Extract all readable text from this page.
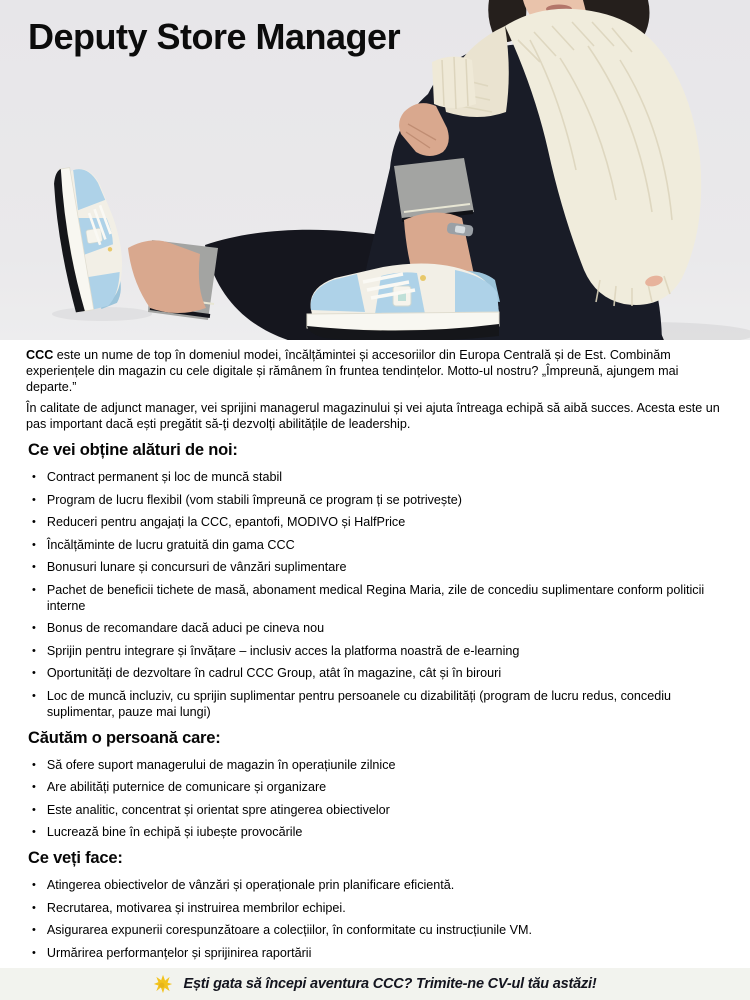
Deputy Store Manager

CCC este un nume de top în domeniul modei, încălțămintei și accesoriilor din Europa Centrală și de Est. Combinăm experiențele din magazin cu cele digitale și rămânem în fruntea tendințelor. Motto-ul nostru? „Împreună, ajungem mai departe.”

În calitate de adjunct manager, vei sprijini managerul magazinului și vei ajuta întreaga echipă să aibă succes. Acesta este un pas important dacă ești pregătit să-ți dezvolți abilitățile de leadership.

Ce vei obține alături de noi:
• Contract permanent și loc de muncă stabil
• Program de lucru flexibil (vom stabili împreună ce program ți se potrivește)
• Reduceri pentru angajați la CCC, epantofi, MODIVO și HalfPrice
• Încălțăminte de lucru gratuită din gama CCC
• Bonusuri lunare și concursuri de vânzări suplimentare
• Pachet de beneficii tichete de masă, abonament medical Regina Maria, zile de concediu suplimentare conform politicii interne
• Bonus de recomandare dacă aduci pe cineva nou
• Sprijin pentru integrare și învățare – inclusiv acces la platforma noastră de e-learning
• Oportunități de dezvoltare în cadrul CCC Group, atât în magazine, cât și în birouri
• Loc de muncă incluziv, cu sprijin suplimentar pentru persoanele cu dizabilități (program de lucru redus, concediu suplimentar, pauze mai lungi)
Căutăm o persoană care:
• Să ofere suport managerului de magazin în operațiunile zilnice
• Are abilități puternice de comunicare și organizare
• Este analitic, concentrat și orientat spre atingerea obiectivelor
• Lucrează bine în echipă și iubește provocările
Ce veți face:
• Atingerea obiectivelor de vânzări și operaționale prin planificare eficientă.
• Recrutarea, motivarea și instruirea membrilor echipei.
• Asigurarea expunerii corespunzătoare a colecțiilor, în conformitate cu instrucțiunile VM.
• Urmărirea performanțelor și sprijinirea raportării
Ești gata să începi aventura CCC? Trimite-ne CV-ul tău astăzi!
